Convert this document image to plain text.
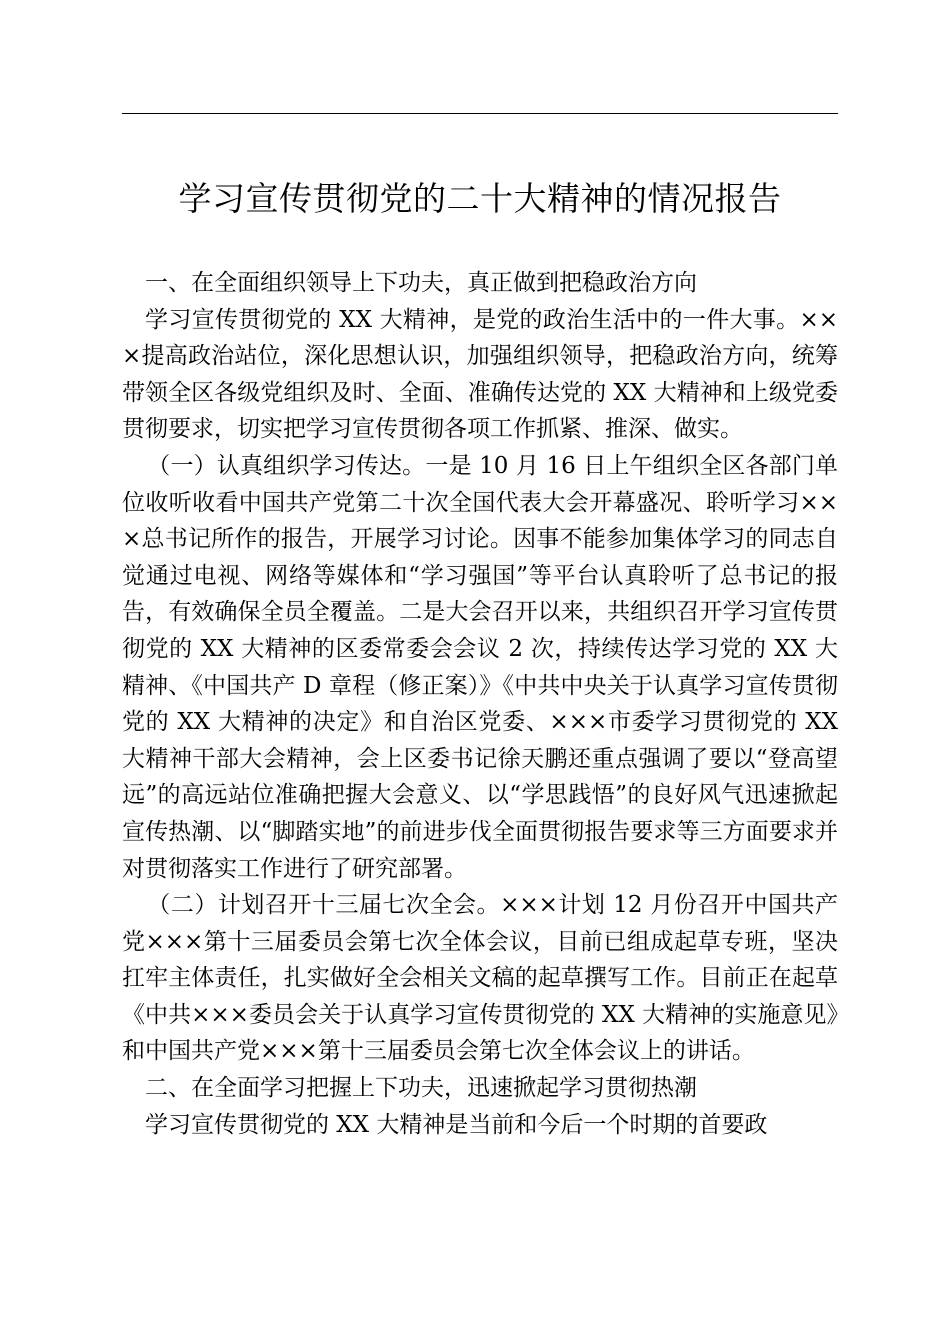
学习宣传贯彻党的二十大精神的情况报告

一、在全面组织领导上下功夫，真正做到把稳政治方向

学习宣传贯彻党的 XX 大精神，是党的政治生活中的一件大事。×××提高政治站位，深化思想认识，加强组织领导，把稳政治方向，统筹带领全区各级党组织及时、全面、准确传达党的 XX 大精神和上级党委贯彻要求，切实把学习宣传贯彻各项工作抓紧、推深、做实。

（一）认真组织学习传达。一是 10 月 16 日上午组织全区各部门单位收听收看中国共产党第二十次全国代表大会开幕盛况、聆听学习×××总书记所作的报告，开展学习讨论。因事不能参加集体学习的同志自觉通过电视、网络等媒体和“学习强国”等平台认真聆听了总书记的报告，有效确保全员全覆盖。二是大会召开以来，共组织召开学习宣传贯彻党的 XX 大精神的区委常委会会议 2 次，持续传达学习党的 XX 大精神、《中国共产 D 章程（修正案）》《中共中央关于认真学习宣传贯彻党的 XX 大精神的决定》和自治区党委、×××市委学习贯彻党的 XX 大精神干部大会精神，会上区委书记徐天鹏还重点强调了要以“登高望远”的高远站位准确把握大会意义、以“学思践悟”的良好风气迅速掀起宣传热潮、以“脚踏实地”的前进步伐全面贯彻报告要求等三方面要求并对贯彻落实工作进行了研究部署。

（二）计划召开十三届七次全会。×××计划 12 月份召开中国共产党×××第十三届委员会第七次全体会议，目前已组成起草专班，坚决扛牢主体责任，扎实做好全会相关文稿的起草撰写工作。目前正在起草《中共×××委员会关于认真学习宣传贯彻党的 XX 大精神的实施意见》和中国共产党×××第十三届委员会第七次全体会议上的讲话。

二、在全面学习把握上下功夫，迅速掀起学习贯彻热潮

学习宣传贯彻党的 XX 大精神是当前和今后一个时期的首要政
